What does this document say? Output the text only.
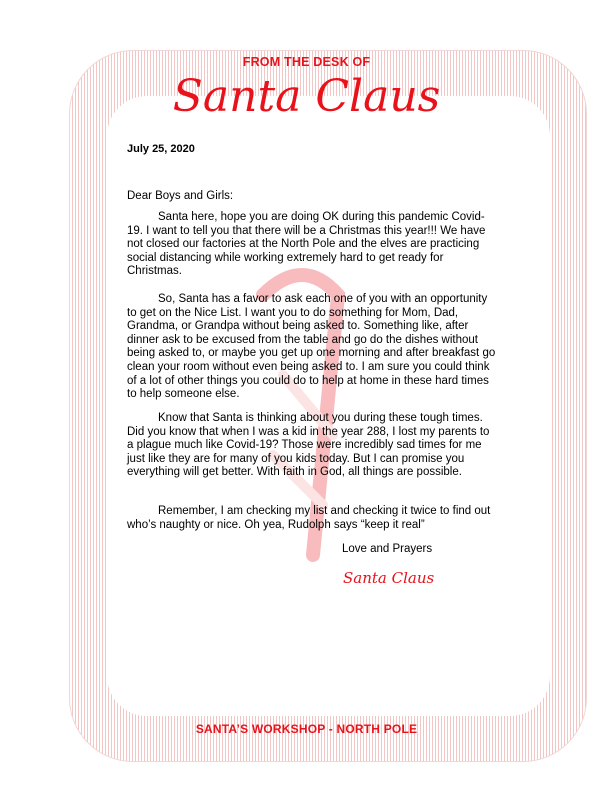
FROM THE DESK OF
Santa Claus
July 25, 2020
Dear Boys and Girls:
Santa here, hope you are doing OK during this pandemic Covid-19. I want to tell you that there will be a Christmas this year!!! We have not closed our factories at the North Pole and the elves are practicing social distancing while working extremely hard to get ready for Christmas.
So, Santa has a favor to ask each one of you with an opportunity to get on the Nice List. I want you to do something for Mom, Dad, Grandma, or Grandpa without being asked to. Something like, after dinner ask to be excused from the table and go do the dishes without being asked to, or maybe you get up one morning and after breakfast go clean your room without even being asked to. I am sure you could think of a lot of other things you could do to help at home in these hard times to help someone else.
Know that Santa is thinking about you during these tough times. Did you know that when I was a kid in the year 288, I lost my parents to a plague much like Covid-19? Those were incredibly sad times for me just like they are for many of you kids today. But I can promise you everything will get better. With faith in God, all things are possible.
Remember, I am checking my list and checking it twice to find out who’s naughty or nice. Oh yea, Rudolph says “keep it real”
Love and Prayers
Santa Claus
SANTA’S WORKSHOP - NORTH POLE
